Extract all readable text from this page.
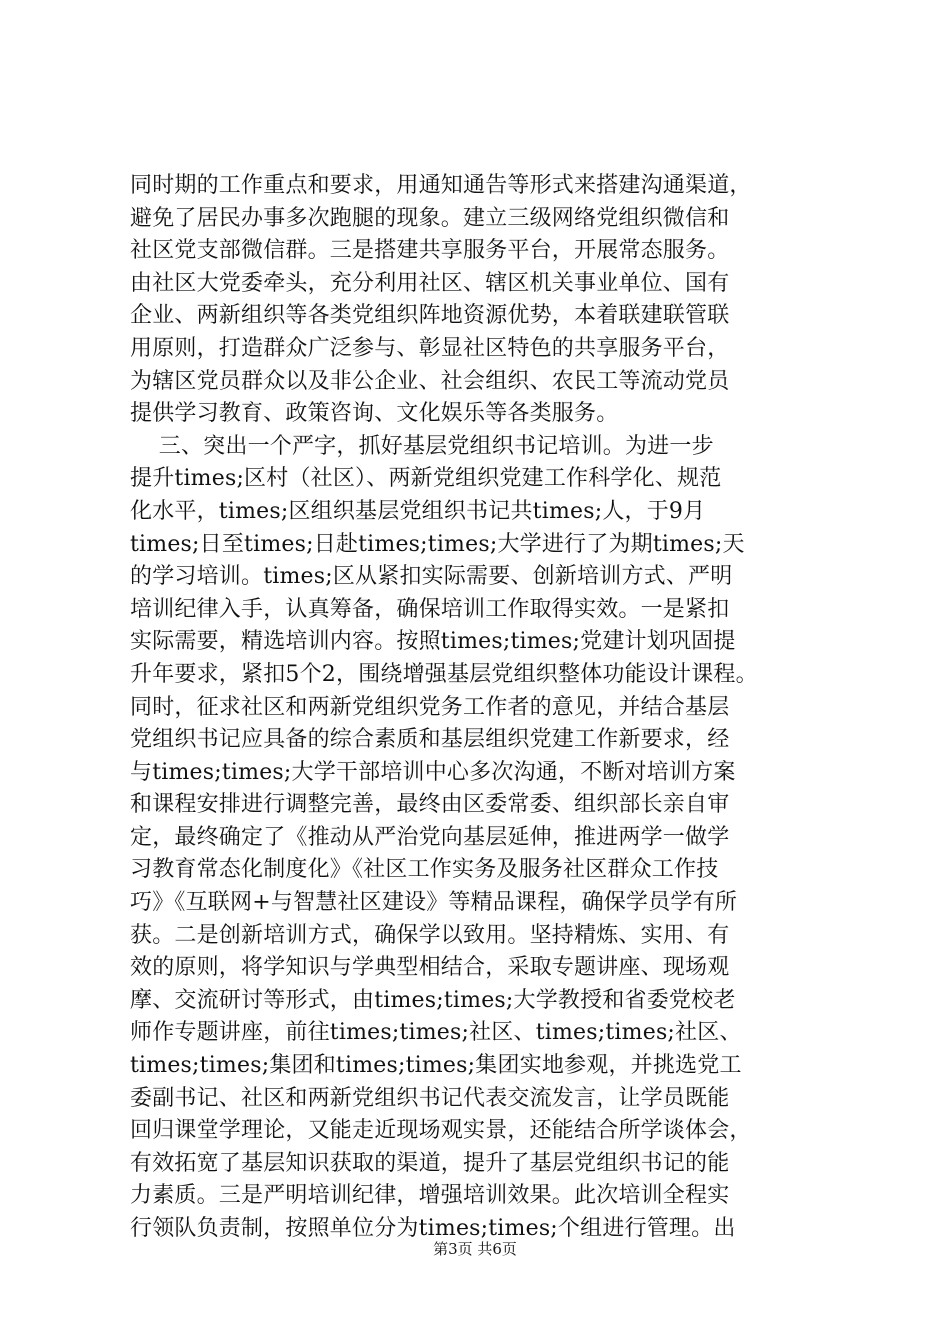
同时期的工作重点和要求，用通知通告等形式来搭建沟通渠道，
避免了居民办事多次跑腿的现象。建立三级网络党组织微信和
社区党支部微信群。三是搭建共享服务平台，开展常态服务。
由社区大党委牵头，充分利用社区、辖区机关事业单位、国有
企业、两新组织等各类党组织阵地资源优势，本着联建联管联
用原则，打造群众广泛参与、彰显社区特色的共享服务平台，
为辖区党员群众以及非公企业、社会组织、农民工等流动党员
提供学习教育、政策咨询、文化娱乐等各类服务。
三、突出一个严字，抓好基层党组织书记培训。为进一步
提升times;区村（社区）、两新党组织党建工作科学化、规范
化水平，times;区组织基层党组织书记共times;人，于9月
times;日至times;日赴times;times;大学进行了为期times;天
的学习培训。times;区从紧扣实际需要、创新培训方式、严明
培训纪律入手，认真筹备，确保培训工作取得实效。一是紧扣
实际需要，精选培训内容。按照times;times;党建计划巩固提
升年要求，紧扣5个2，围绕增强基层党组织整体功能设计课程。
同时，征求社区和两新党组织党务工作者的意见，并结合基层
党组织书记应具备的综合素质和基层组织党建工作新要求，经
与times;times;大学干部培训中心多次沟通，不断对培训方案
和课程安排进行调整完善，最终由区委常委、组织部长亲自审
定，最终确定了《推动从严治党向基层延伸，推进两学一做学
习教育常态化制度化》《社区工作实务及服务社区群众工作技
巧》《互联网+与智慧社区建设》等精品课程，确保学员学有所
获。二是创新培训方式，确保学以致用。坚持精炼、实用、有
效的原则，将学知识与学典型相结合，采取专题讲座、现场观
摩、交流研讨等形式，由times;times;大学教授和省委党校老
师作专题讲座，前往times;times;社区、times;times;社区、
times;times;集团和times;times;集团实地参观，并挑选党工
委副书记、社区和两新党组织书记代表交流发言，让学员既能
回归课堂学理论，又能走近现场观实景，还能结合所学谈体会，
有效拓宽了基层知识获取的渠道，提升了基层党组织书记的能
力素质。三是严明培训纪律，增强培训效果。此次培训全程实
行领队负责制，按照单位分为times;times;个组进行管理。出
第3页 共6页
